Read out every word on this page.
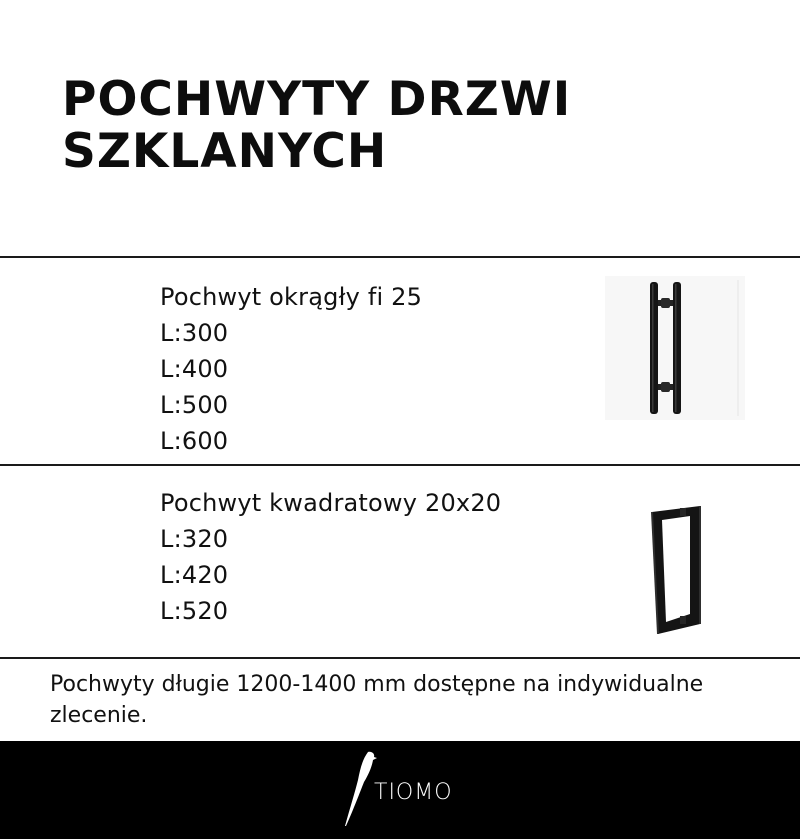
POCHWYTY DRZWI
SZKLANYCH
Pochwyt okrągły fi 25
L:300
L:400
L:500
L:600
Pochwyt kwadratowy 20x20
L:320
L:420
L:520

Pochwyty długie 1200-1400 mm dostępne na indywidualne zlecenie.

TIOMO
